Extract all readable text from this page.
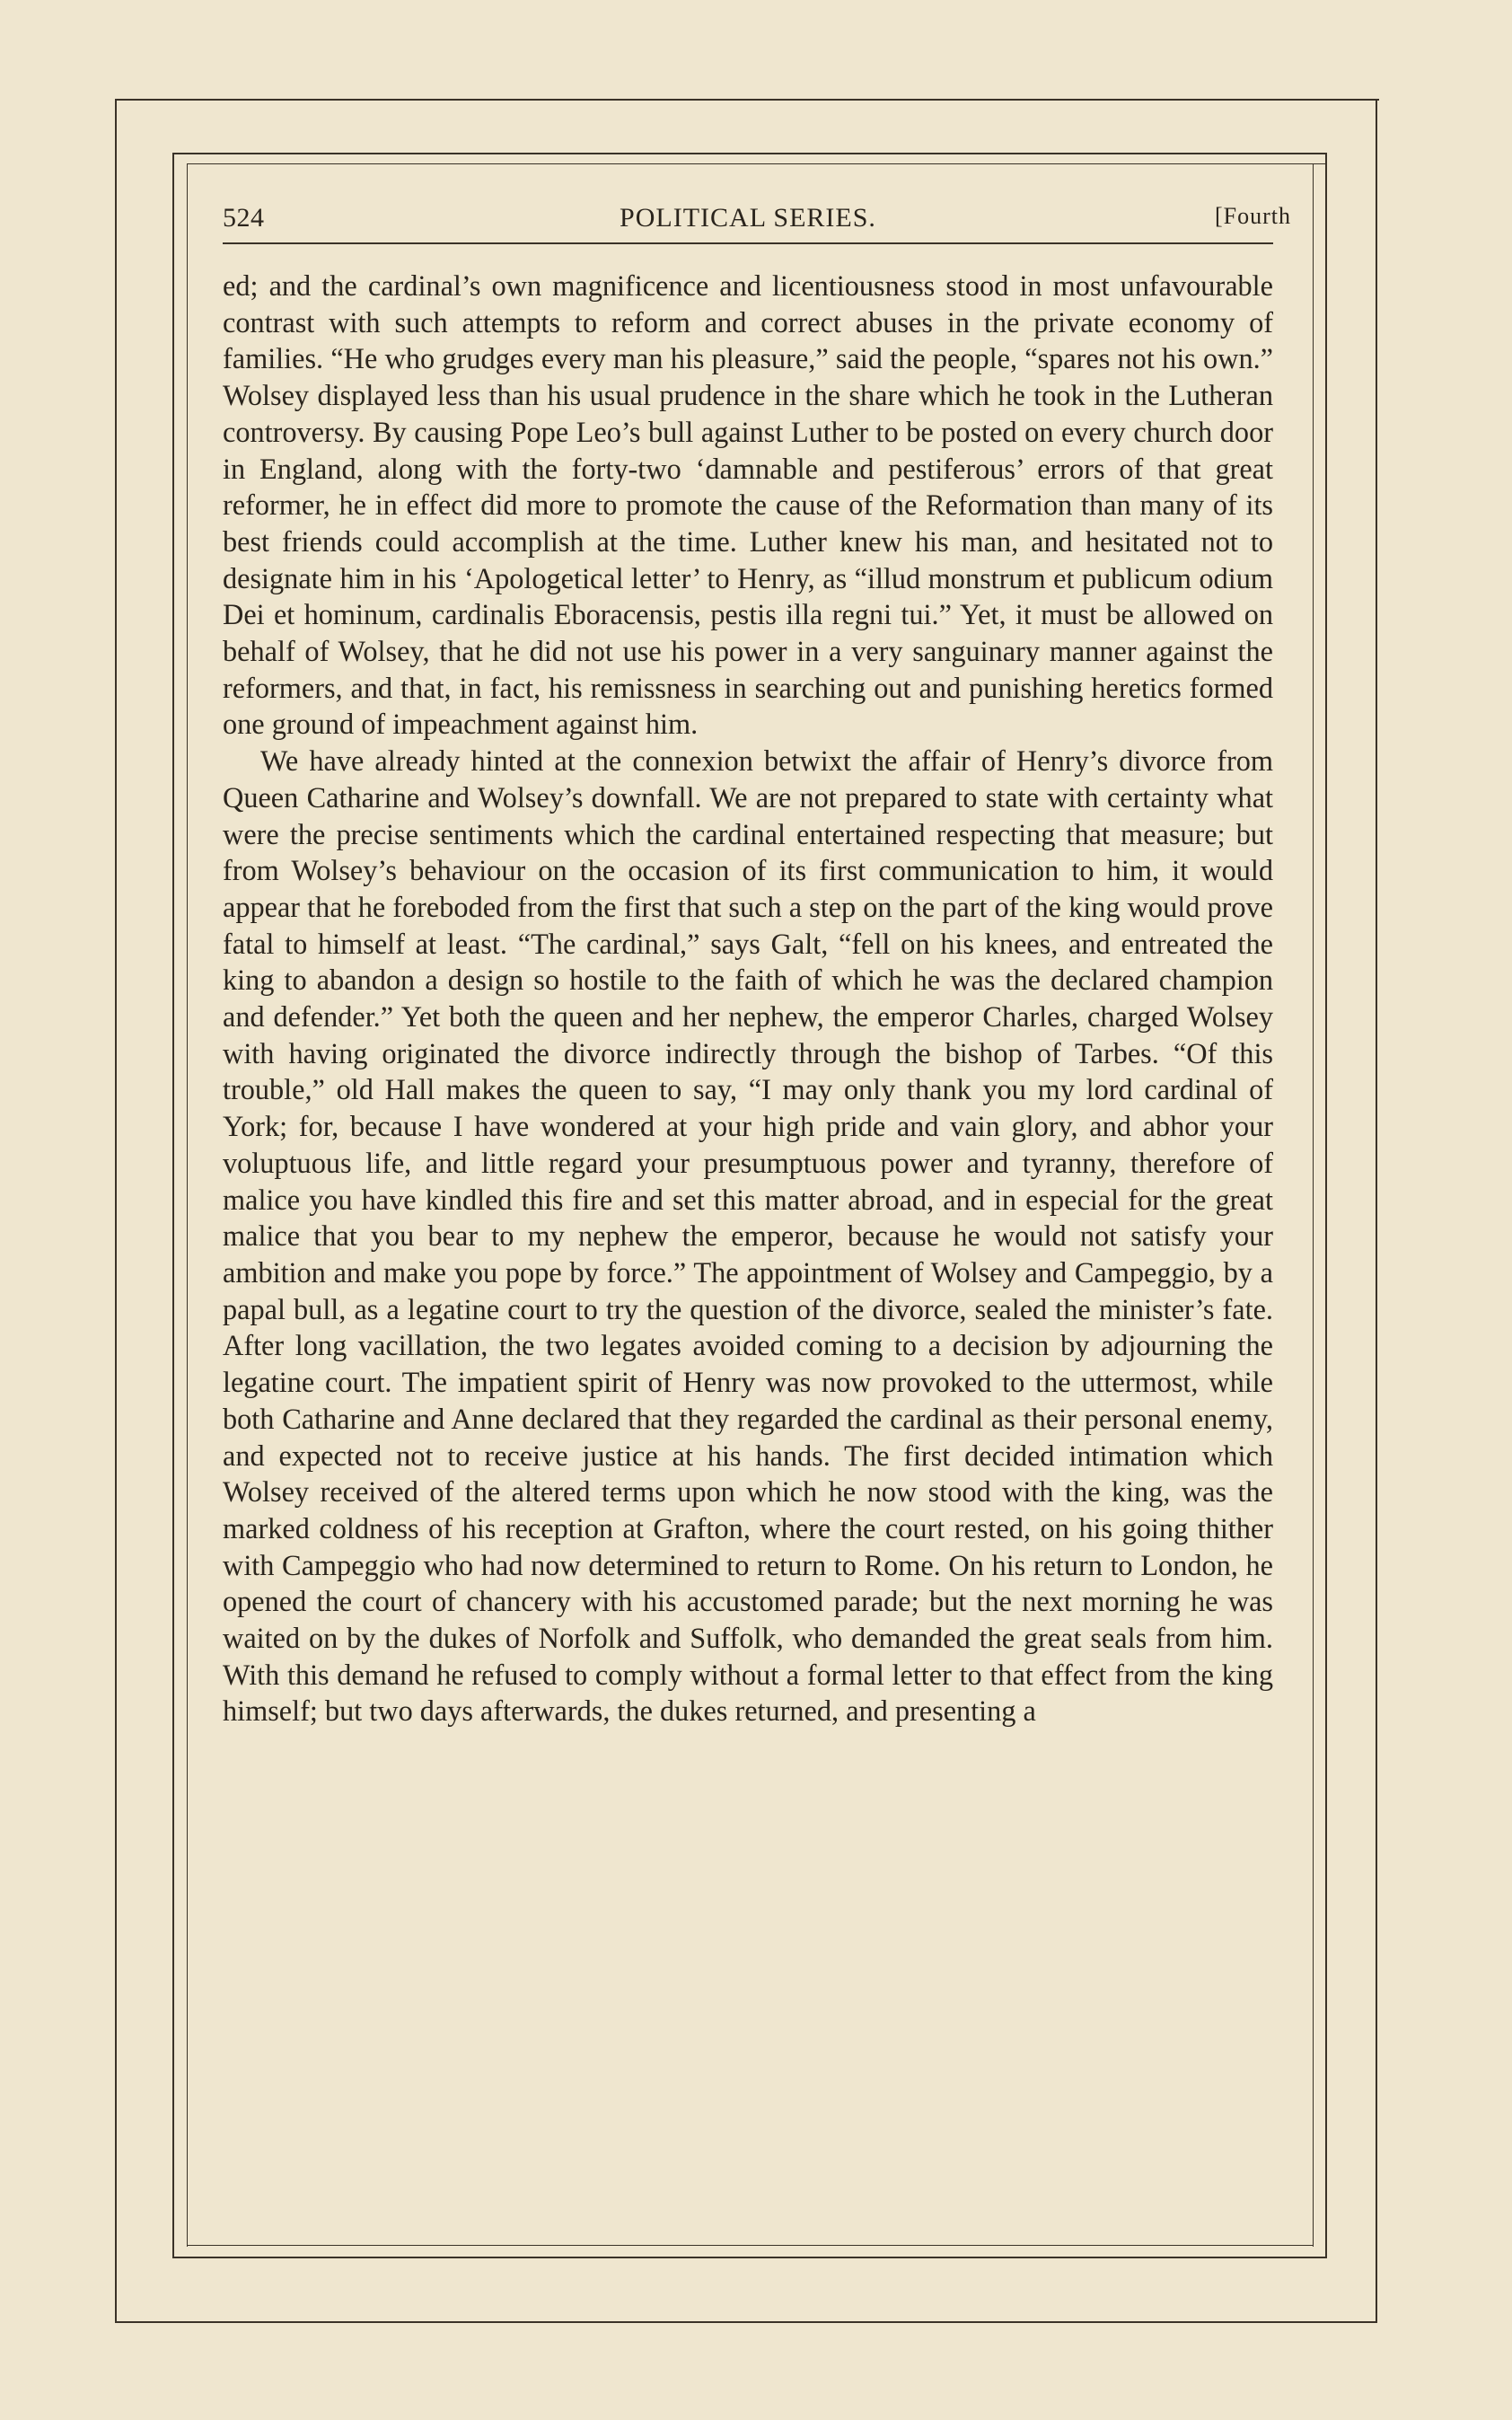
524	POLITICAL SERIES.	[Fourth

ed; and the cardinal’s own magnificence and licentiousness stood in most unfavourable contrast with such attempts to reform and correct abuses in the private economy of families. “He who grudges every man his pleasure,” said the people, “spares not his own.” Wolsey displayed less than his usual prudence in the share which he took in the Lutheran controversy. By causing Pope Leo’s bull against Luther to be posted on every church door in England, along with the forty-two ‘damnable and pestiferous’ errors of that great reformer, he in effect did more to promote the cause of the Reformation than many of its best friends could accomplish at the time. Luther knew his man, and hesitated not to designate him in his ‘Apologetical letter’ to Henry, as “illud monstrum et publicum odium Dei et hominum, cardinalis Eboracensis, pestis illa regni tui.” Yet, it must be allowed on behalf of Wolsey, that he did not use his power in a very sanguinary manner against the reformers, and that, in fact, his remissness in searching out and punishing heretics formed one ground of impeachment against him.

We have already hinted at the connexion betwixt the affair of Henry’s divorce from Queen Catharine and Wolsey’s downfall. We are not prepared to state with certainty what were the precise sentiments which the cardinal entertained respecting that measure; but from Wolsey’s behaviour on the occasion of its first communication to him, it would appear that he foreboded from the first that such a step on the part of the king would prove fatal to himself at least. “The cardinal,” says Galt, “fell on his knees, and entreated the king to abandon a design so hostile to the faith of which he was the declared champion and defender.” Yet both the queen and her nephew, the emperor Charles, charged Wolsey with having originated the divorce indirectly through the bishop of Tarbes. “Of this trouble,” old Hall makes the queen to say, “I may only thank you my lord cardinal of York; for, because I have wondered at your high pride and vain glory, and abhor your voluptuous life, and little regard your presumptuous power and tyranny, therefore of malice you have kindled this fire and set this matter abroad, and in especial for the great malice that you bear to my nephew the emperor, because he would not satisfy your ambition and make you pope by force.” The appointment of Wolsey and Campeggio, by a papal bull, as a legatine court to try the question of the divorce, sealed the minister’s fate. After long vacillation, the two legates avoided coming to a decision by adjourning the legatine court. The impatient spirit of Henry was now provoked to the uttermost, while both Catharine and Anne declared that they regarded the cardinal as their personal enemy, and expected not to receive justice at his hands. The first decided intimation which Wolsey received of the altered terms upon which he now stood with the king, was the marked coldness of his reception at Grafton, where the court rested, on his going thither with Campeggio who had now determined to return to Rome. On his return to London, he opened the court of chancery with his accustomed parade; but the next morning he was waited on by the dukes of Norfolk and Suffolk, who demanded the great seals from him. With this demand he refused to comply without a formal letter to that effect from the king himself; but two days afterwards, the dukes returned, and presenting a
